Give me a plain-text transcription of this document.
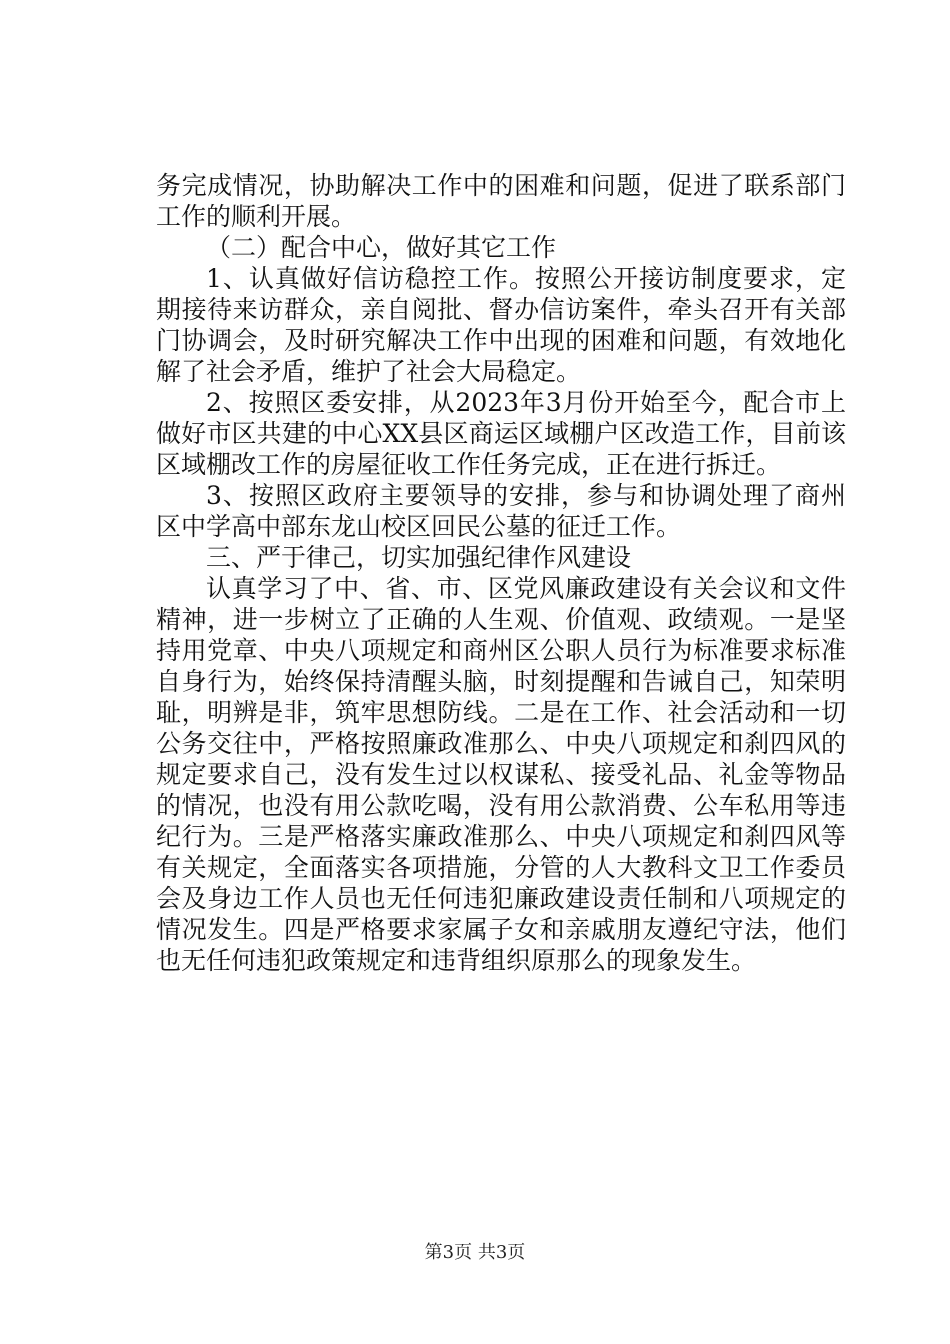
务完成情况，协助解决工作中的困难和问题，促进了联系部门工作的顺利开展。

（二）配合中心，做好其它工作

1、认真做好信访稳控工作。按照公开接访制度要求，定期接待来访群众，亲自阅批、督办信访案件，牵头召开有关部门协调会，及时研究解决工作中出现的困难和问题，有效地化解了社会矛盾，维护了社会大局稳定。

2、按照区委安排，从2023年3月份开始至今，配合市上做好市区共建的中心XX县区商运区域棚户区改造工作，目前该区域棚改工作的房屋征收工作任务完成，正在进行拆迁。

3、按照区政府主要领导的安排，参与和协调处理了商州区中学高中部东龙山校区回民公墓的征迁工作。

三、严于律己，切实加强纪律作风建设

认真学习了中、省、市、区党风廉政建设有关会议和文件精神，进一步树立了正确的人生观、价值观、政绩观。一是坚持用党章、中央八项规定和商州区公职人员行为标准要求标准自身行为，始终保持清醒头脑，时刻提醒和告诫自己，知荣明耻，明辨是非，筑牢思想防线。二是在工作、社会活动和一切公务交往中，严格按照廉政准那么、中央八项规定和刹四风的规定要求自己，没有发生过以权谋私、接受礼品、礼金等物品的情况，也没有用公款吃喝，没有用公款消费、公车私用等违纪行为。三是严格落实廉政准那么、中央八项规定和刹四风等有关规定，全面落实各项措施，分管的人大教科文卫工作委员会及身边工作人员也无任何违犯廉政建设责任制和八项规定的情况发生。四是严格要求家属子女和亲戚朋友遵纪守法，他们也无任何违犯政策规定和违背组织原那么的现象发生。

第3页 共3页
